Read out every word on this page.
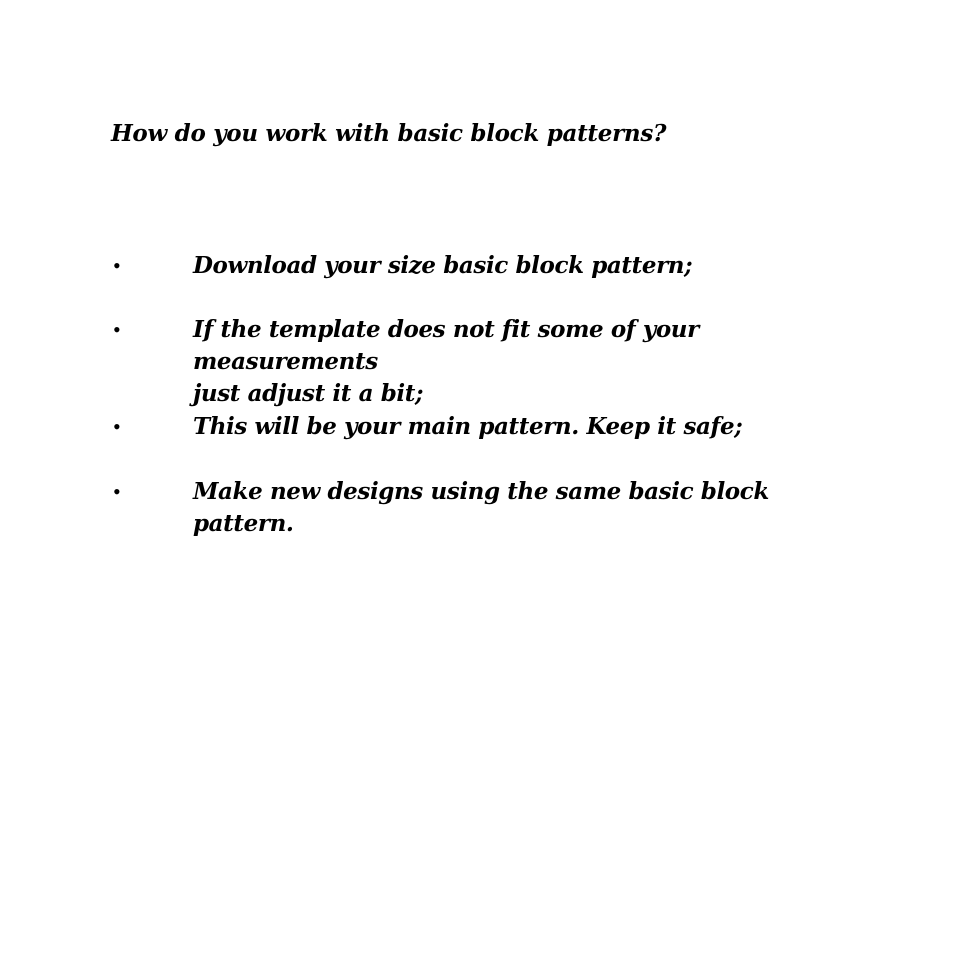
How do you work with basic block patterns?
•	Download your size basic block pattern;
•	If the template does not fit some of your measurements
just adjust it a bit;
•	This will be your main pattern. Keep it safe;
•	Make new designs using the same basic block pattern.
